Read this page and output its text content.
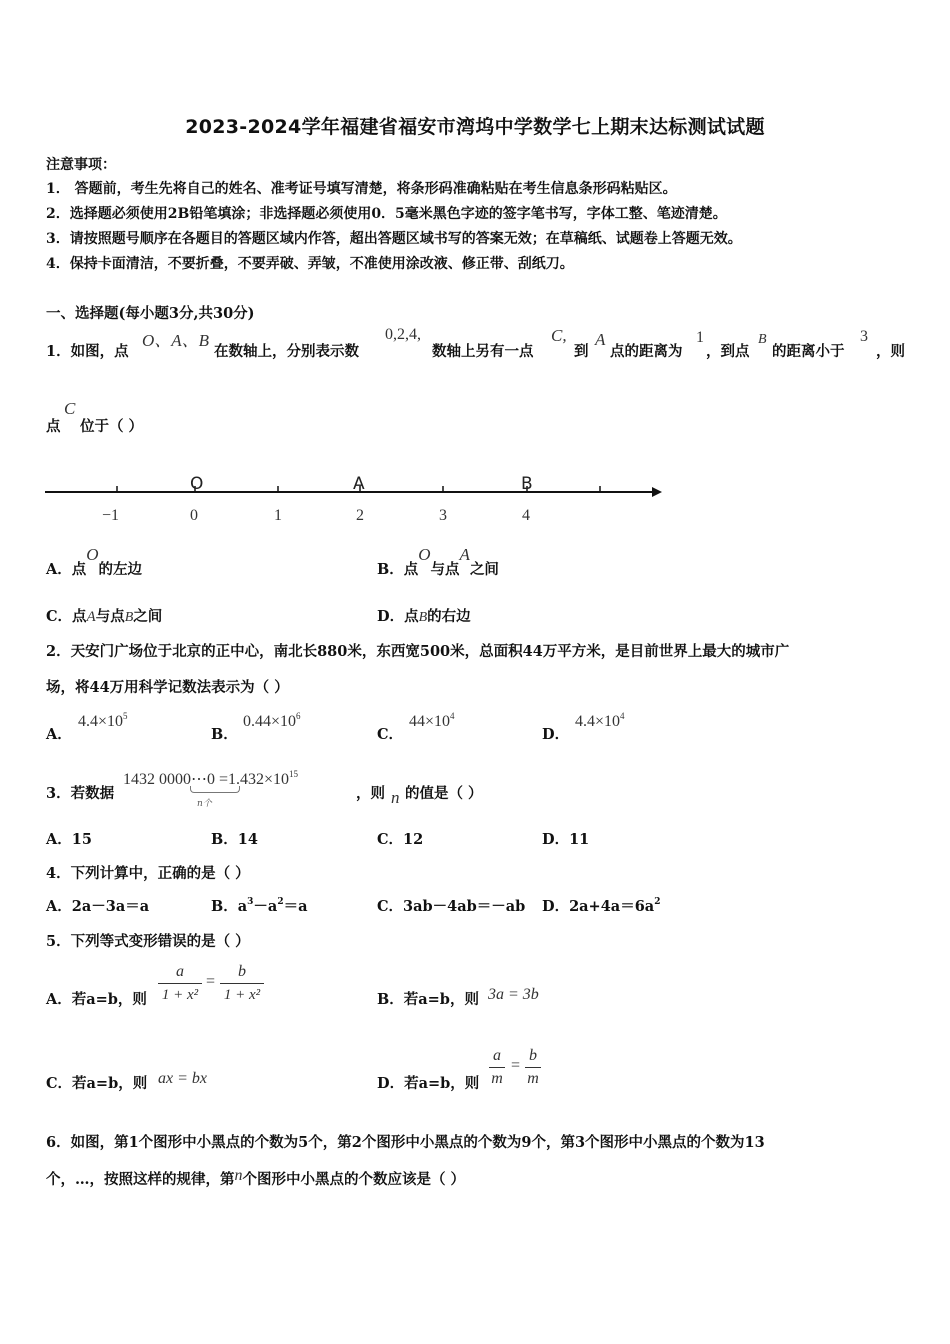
2023-2024学年福建省福安市湾坞中学数学七上期末达标测试试题
注意事项：
1． 答题前，考生先将自己的姓名、准考证号填写清楚，将条形码准确粘贴在考生信息条形码粘贴区。
2．选择题必须使用2B铅笔填涂；非选择题必须使用0．5毫米黑色字迹的签字笔书写，字体工整、笔迹清楚。
3．请按照题号顺序在各题目的答题区域内作答，超出答题区域书写的答案无效；在草稿纸、试题卷上答题无效。
4．保持卡面清洁，不要折叠，不要弄破、弄皱，不准使用涂改液、修正带、刮纸刀。
一、选择题(每小题3分,共30分)
1．如图，点
O、A、B
在数轴上，分别表示数
0,2,4,
数轴上另有一点
C,
到
A
点的距离为
1
，到点
B
的距离小于
3
，则
点
C
位于（ ）
O	A	B
−1	0	1	2	3	4
A．点O的左边	B．点O与点A之间
C．点A与点B之间	D．点B的右边
2．天安门广场位于北京的正中心，南北长880米，东西宽500米，总面积44万平方米，是目前世界上最大的城市广
场，将44万用科学记数法表示为（ ）
A．
$4.4\times 10^5$
B．
$0.44\times 10^6$
C．
$44\times 10^4$
D．
$4.4\times 10^4$
3．若数据
1432 0000⋯0 $=1.432\times 10^{15}$
n个
，则 n 的值是（ ）
A．15	B．14	C．12	D．11
4．下列计算中，正确的是（ ）
A．2a－3a＝a	B．$a^3-a^2=a$	C．3ab－4ab＝－ab D．$2a+4a=6a^2$
5．下列等式变形错误的是（ ）
A．若a=b，则
a
1 + x²
=
b
1 + x²	B．若a=b，则 3a = 3b
C．若a=b，则 ax = bx	D．若a=b，则
a
m
=
b
m
6．如图，第1个图形中小黑点的个数为5个，第2个图形中小黑点的个数为9个，第3个图形中小黑点的个数为13
个，…，按照这样的规律，第n个图形中小黑点的个数应该是（ ）
